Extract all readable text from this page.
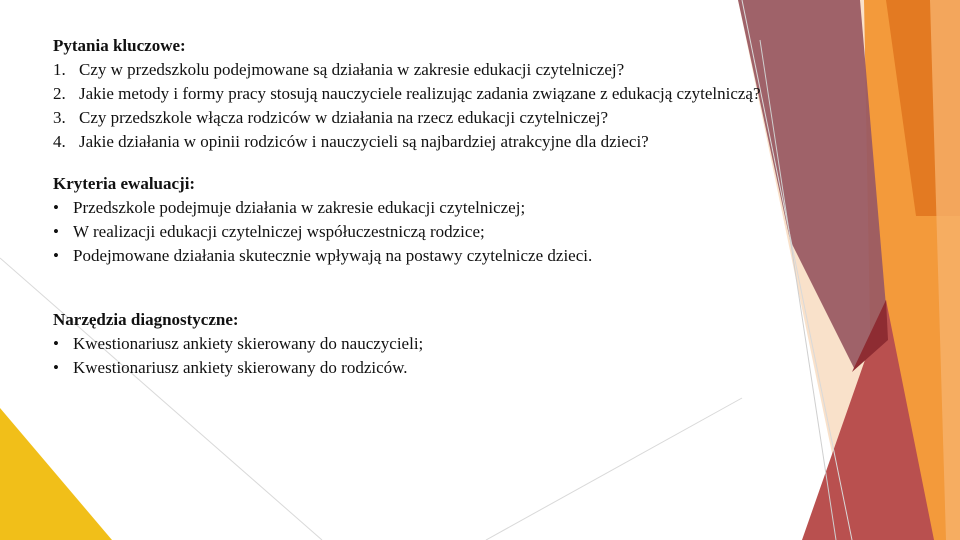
Pytania kluczowe:
1. Czy w przedszkolu podejmowane są działania w zakresie edukacji czytelniczej?
2. Jakie metody i formy pracy stosują nauczyciele realizując zadania związane z edukacją czytelniczą?
3. Czy przedszkole włącza rodziców w działania na rzecz edukacji czytelniczej?
4. Jakie działania w opinii rodziców i nauczycieli są najbardziej atrakcyjne dla dzieci?
Kryteria ewaluacji:
• Przedszkole podejmuje działania w zakresie edukacji czytelniczej;
• W realizacji edukacji czytelniczej współuczestniczą rodzice;
• Podejmowane działania skutecznie wpływają na postawy czytelnicze dzieci.
Narzędzia diagnostyczne:
• Kwestionariusz ankiety skierowany do nauczycieli;
• Kwestionariusz ankiety skierowany do rodziców.
